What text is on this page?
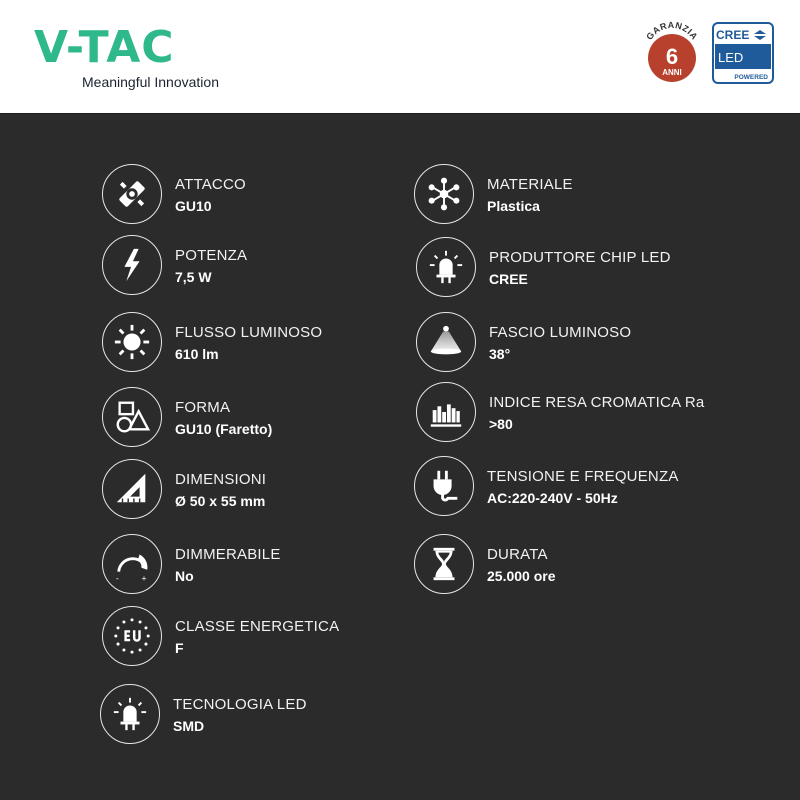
V-TAC
Meaningful Innovation
GARANZIA
6
ANNI
CREE
LED
POWERED
ATTACCO
GU10
POTENZA
7,5 W
FLUSSO LUMINOSO
610 lm
FORMA
GU10 (Faretto)
DIMENSIONI
Ø 50 x 55 mm
-	+
DIMMERABILE
No
CLASSE ENERGETICA
F
TECNOLOGIA LED
SMD
MATERIALE
Plastica
PRODUTTORE CHIP LED
CREE
FASCIO LUMINOSO
38°
INDICE RESA CROMATICA Ra
>80
TENSIONE E FREQUENZA
AC:220-240V - 50Hz
DURATA
25.000 ore
